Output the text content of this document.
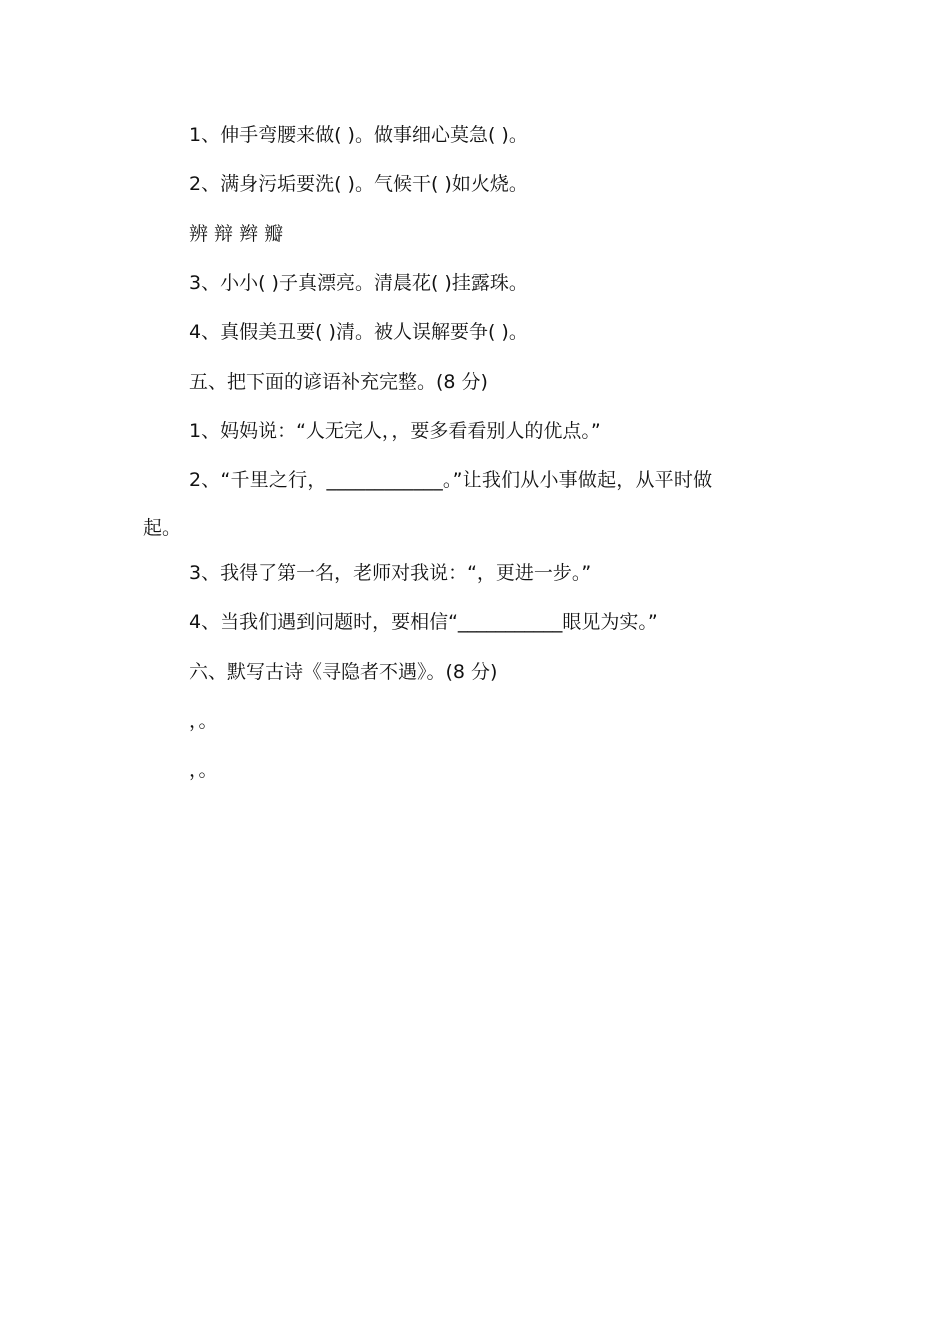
1、伸手弯腰来做( )。做事细心莫急( )。
2、满身污垢要洗( )。气候干( )如火烧。
辨 辩 辫 瓣
3、小小( )子真漂亮。清晨花( )挂露珠。
4、真假美丑要( )清。被人误解要争( )。
五、把下面的谚语补充完整。(8 分)
1、妈妈说：“人无完人，，要多看看别人的优点。”
2、“千里之行，____________。”让我们从小事做起，从平时做
起。
3、我得了第一名，老师对我说：“，更进一步。”
4、当我们遇到问题时，要相信“___________眼见为实。”
六、默写古诗《寻隐者不遇》。(8 分)
，。
，。
